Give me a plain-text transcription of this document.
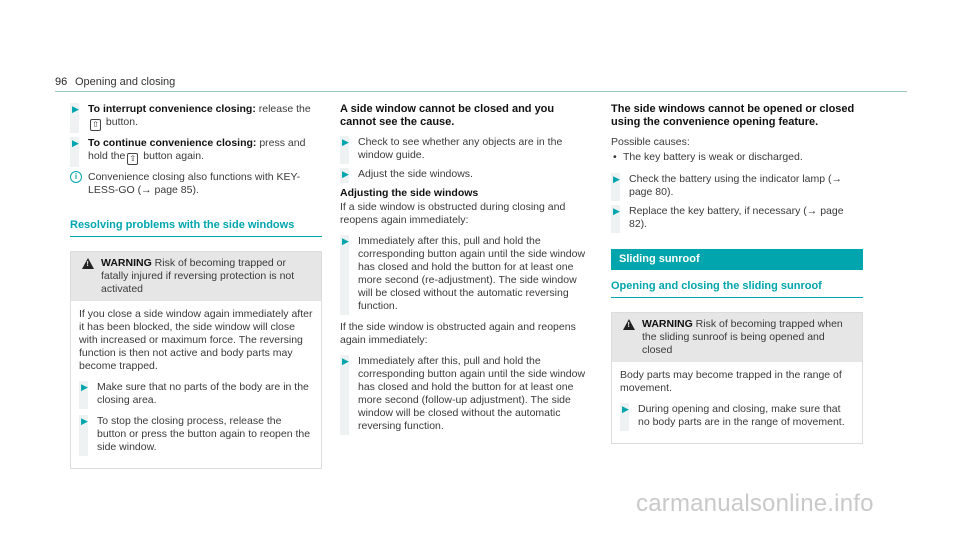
96 Opening and closing
▶ To interrupt convenience closing: release the
⇧ button.
▶ To continue convenience closing: press and hold the ⇧ button again.
i	Convenience closing also functions with KEY-LESS-GO (→ page 85).
Resolving problems with the side windows
! WARNING Risk of becoming trapped or fatally injured if reversing protection is not activated
If you close a side window again immediately after it has been blocked, the side window will close with increased or maximum force. The reversing function is then not active and body parts may become trapped.
▶ Make sure that no parts of the body are in the closing area.
▶ To stop the closing process, release the button or press the button again to reopen the side window.
A side window cannot be closed and you cannot see the cause.
▶ Check to see whether any objects are in the window guide.
▶ Adjust the side windows.
Adjusting the side windows
If a side window is obstructed during closing and reopens again immediately:
▶ Immediately after this, pull and hold the corresponding button again until the side window has closed and hold the button for at least one more second (re-adjustment). The side window will be closed without the automatic reversing function.
If the side window is obstructed again and reopens again immediately:
▶ Immediately after this, pull and hold the corresponding button again until the side window has closed and hold the button for at least one more second (follow-up adjustment). The side window will be closed without the automatic reversing function.
The side windows cannot be opened or closed using the convenience opening feature.
Possible causes:
• The key battery is weak or discharged.
▶ Check the battery using the indicator lamp (→ page 80).
▶ Replace the key battery, if necessary (→ page 82).
Sliding sunroof
Opening and closing the sliding sunroof
! WARNING Risk of becoming trapped when the sliding sunroof is being opened and closed
Body parts may become trapped in the range of movement.
▶ During opening and closing, make sure that no body parts are in the range of movement.
carmanualsonline.info
